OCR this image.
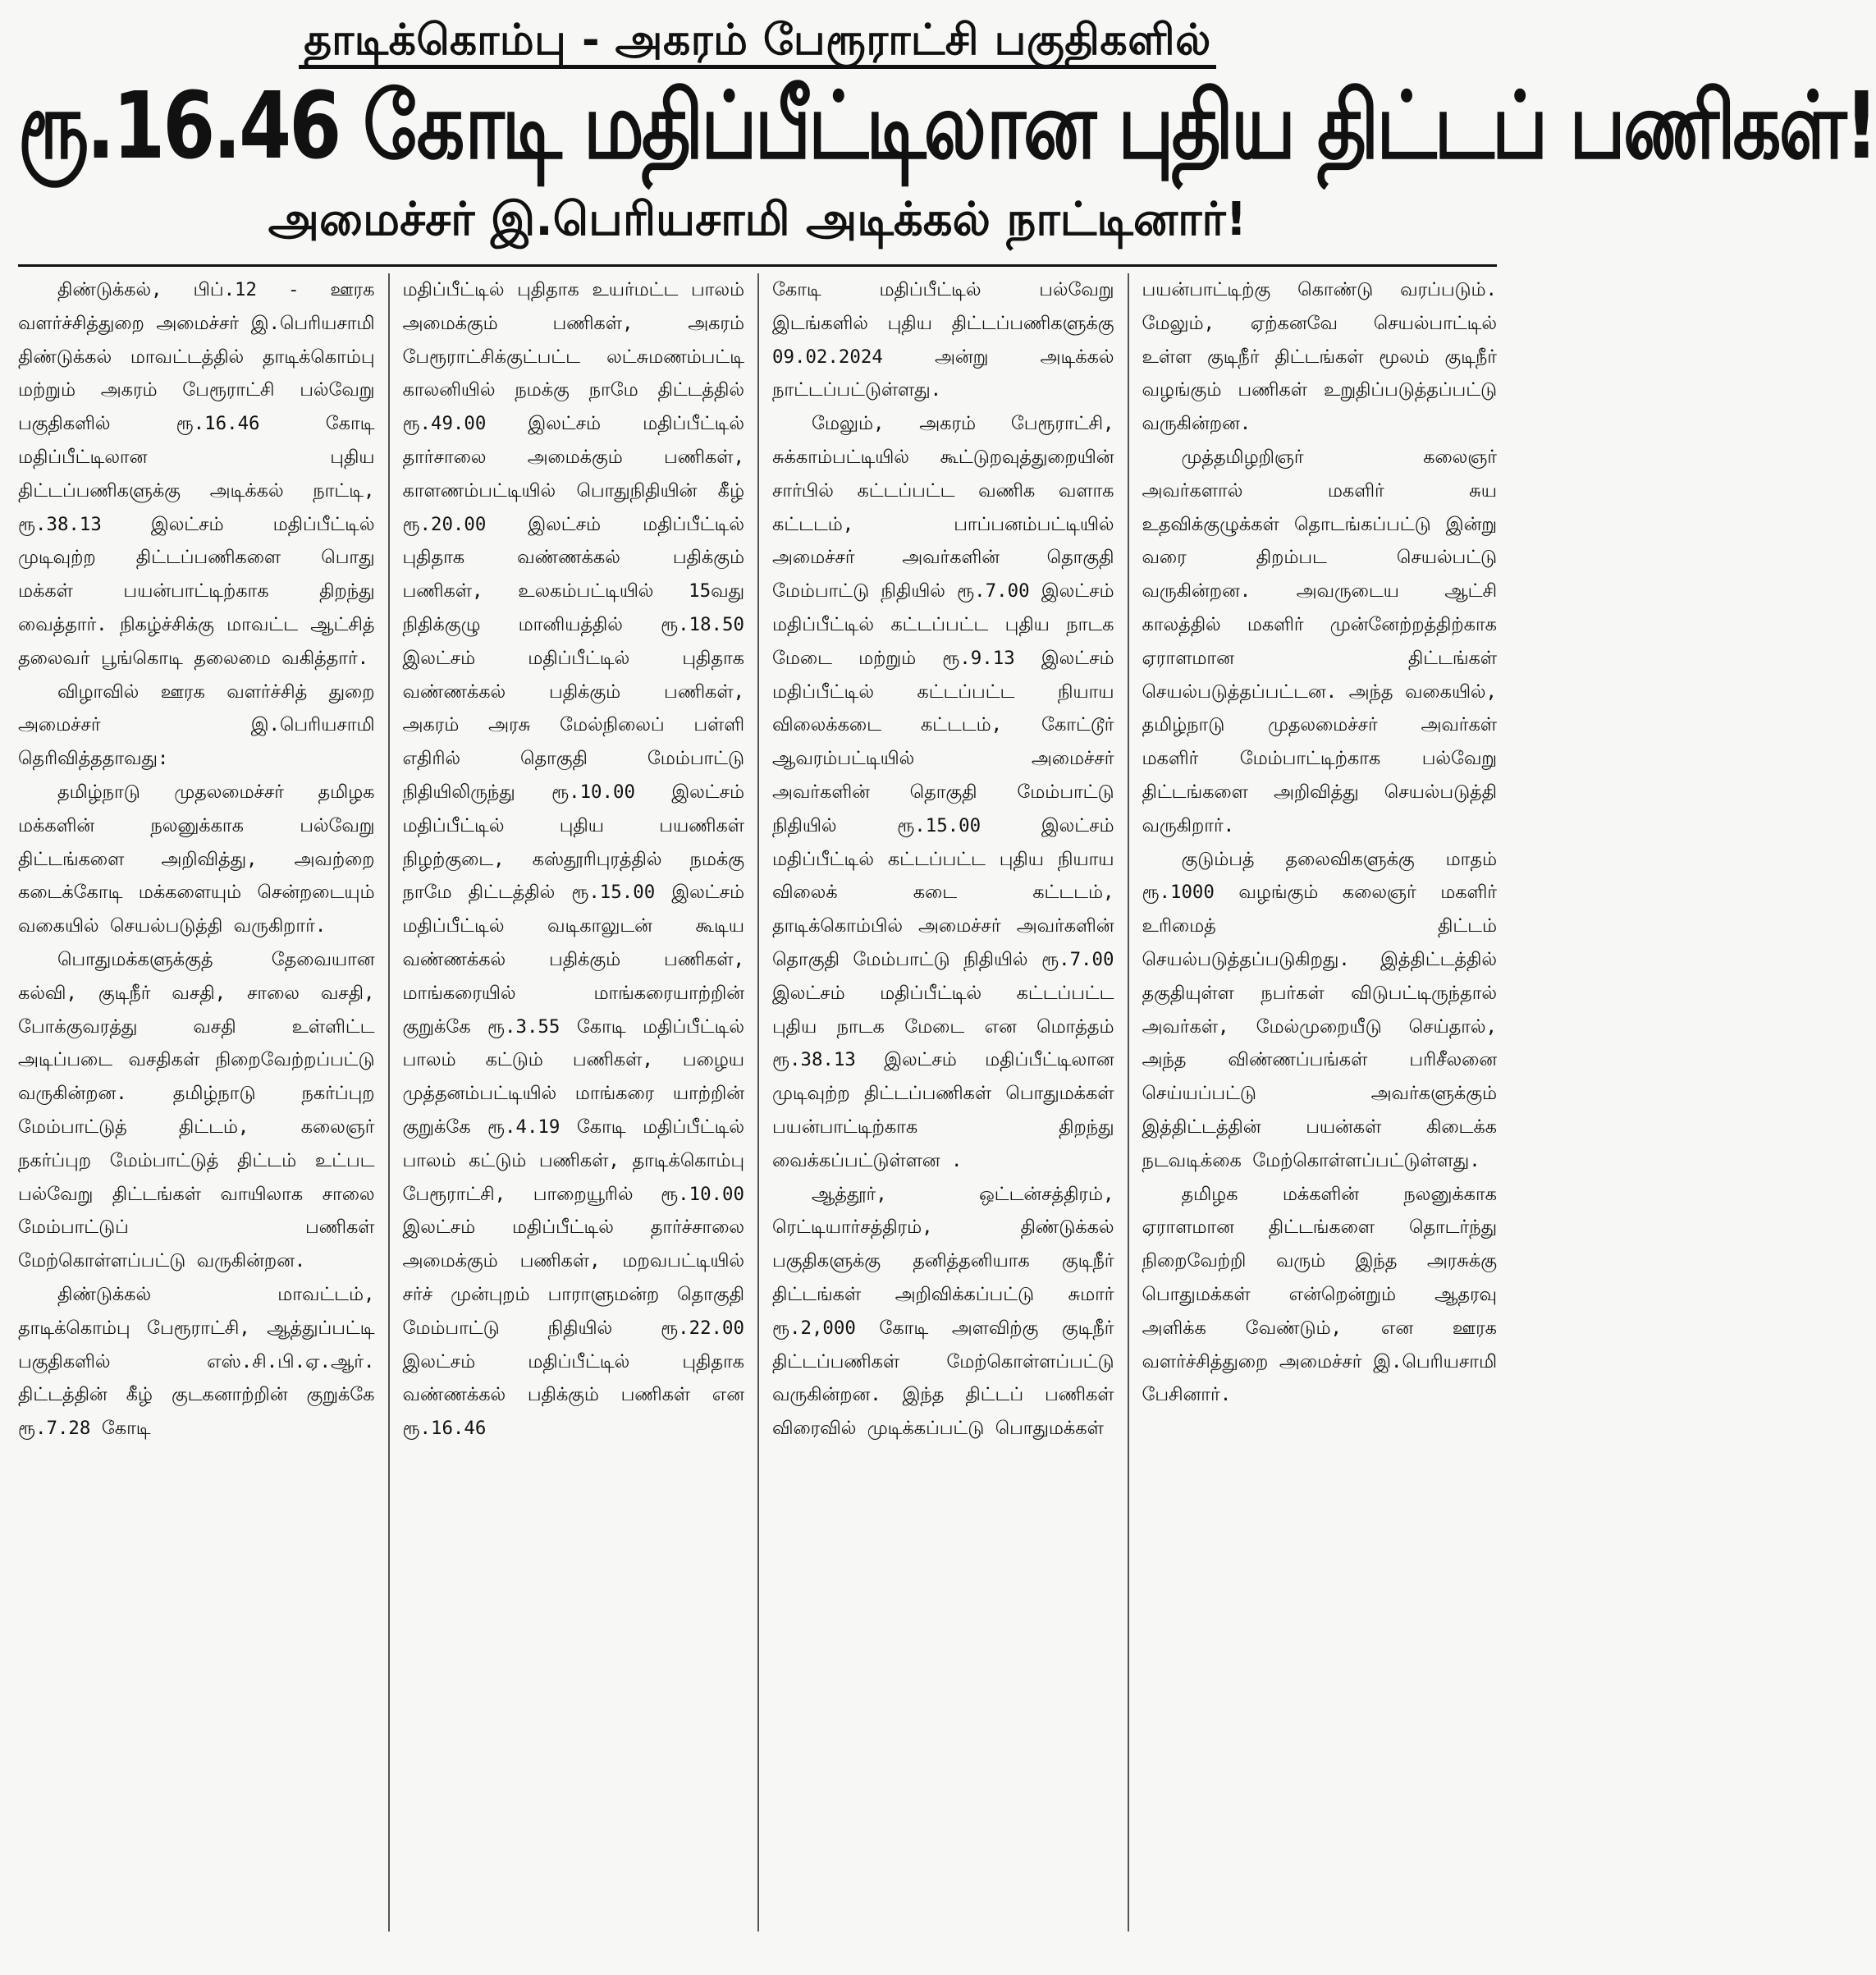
தாடிக்கொம்பு - அகரம் பேரூராட்சி பகுதிகளில்
ரூ.16.46 கோடி மதிப்பீட்டிலான புதிய திட்டப் பணிகள்!
அமைச்சர் இ.பெரியசாமி அடிக்கல் நாட்டினார்!

திண்டுக்கல், பிப்.12 - ஊரக வளர்ச்சித்துறை அமைச்சர் இ.பெரியசாமி திண்டுக்கல் மாவட்டத்தில் தாடிக்கொம்பு மற்றும் அகரம் பேரூராட்சி பல்வேறு பகுதிகளில் ரூ.16.46 கோடி மதிப்பீட்டிலான புதிய திட்டப்பணிகளுக்கு அடிக்கல் நாட்டி, ரூ.38.13 இலட்சம் மதிப்பீட்டில் முடிவுற்ற திட்டப்பணிகளை பொது மக்கள் பயன்பாட்டிற்காக திறந்து வைத்தார். நிகழ்ச்சிக்கு மாவட்ட ஆட்சித் தலைவர் பூங்கொடி தலைமை வகித்தார்.

விழாவில் ஊரக வளர்ச்சித் துறை அமைச்சர் இ.பெரியசாமி தெரிவித்ததாவது:

தமிழ்நாடு முதலமைச்சர் தமிழக மக்களின் நலனுக்காக பல்வேறு திட்டங்களை அறிவித்து, அவற்றை கடைக்கோடி மக்களையும் சென்றடையும் வகையில் செயல்படுத்தி வருகிறார்.

பொதுமக்களுக்குத் தேவையான கல்வி, குடிநீர் வசதி, சாலை வசதி, போக்குவரத்து வசதி உள்ளிட்ட அடிப்படை வசதிகள் நிறைவேற்றப்பட்டு வருகின்றன. தமிழ்நாடு நகர்ப்புற மேம்பாட்டுத் திட்டம், கலைஞர் நகர்ப்புற மேம்பாட்டுத் திட்டம் உட்பட பல்வேறு திட்டங்கள் வாயிலாக சாலை மேம்பாட்டுப் பணிகள் மேற்கொள்ளப்பட்டு வருகின்றன.

திண்டுக்கல் மாவட்டம், தாடிக்கொம்பு பேரூராட்சி, ஆத்துப்பட்டி பகுதிகளில் எஸ்.சி.பி.ஏ.ஆர். திட்டத்தின் கீழ் குடகனாற்றின் குறுக்கே ரூ.7.28 கோடி

மதிப்பீட்டில் புதிதாக உயர்மட்ட பாலம் அமைக்கும் பணிகள், அகரம் பேரூராட்சிக்குட்பட்ட லட்சுமணம்பட்டி காலனியில் நமக்கு நாமே திட்டத்தில் ரூ.49.00 இலட்சம் மதிப்பீட்டில் தார்சாலை அமைக்கும் பணிகள், காளணம்பட்டியில் பொதுநிதியின் கீழ் ரூ.20.00 இலட்சம் மதிப்பீட்டில் புதிதாக வண்ணக்கல் பதிக்கும் பணிகள், உலகம்பட்டியில் 15வது நிதிக்குழு மானியத்தில் ரூ.18.50 இலட்சம் மதிப்பீட்டில் புதிதாக வண்ணக்கல் பதிக்கும் பணிகள், அகரம் அரசு மேல்நிலைப் பள்ளி எதிரில் தொகுதி மேம்பாட்டு நிதியிலிருந்து ரூ.10.00 இலட்சம் மதிப்பீட்டில் புதிய பயணிகள் நிழற்குடை, கஸ்தூரிபுரத்தில் நமக்கு நாமே திட்டத்தில் ரூ.15.00 இலட்சம் மதிப்பீட்டில் வடிகாலுடன் கூடிய வண்ணக்கல் பதிக்கும் பணிகள், மாங்கரையில் மாங்கரையாற்றின் குறுக்கே ரூ.3.55 கோடி மதிப்பீட்டில் பாலம் கட்டும் பணிகள், பழைய முத்தனம்பட்டியில் மாங்கரை யாற்றின் குறுக்கே ரூ.4.19 கோடி மதிப்பீட்டில் பாலம் கட்டும் பணிகள், தாடிக்கொம்பு பேரூராட்சி, பாறையூரில் ரூ.10.00 இலட்சம் மதிப்பீட்டில் தார்ச்சாலை அமைக்கும் பணிகள், மறவபட்டியில் சர்ச் முன்புறம் பாராளுமன்ற தொகுதி மேம்பாட்டு நிதியில் ரூ.22.00 இலட்சம் மதிப்பீட்டில் புதிதாக வண்ணக்கல் பதிக்கும் பணிகள் என ரூ.16.46

கோடி மதிப்பீட்டில் பல்வேறு இடங்களில் புதிய திட்டப்பணிகளுக்கு 09.02.2024 அன்று அடிக்கல் நாட்டப்பட்டுள்ளது.

மேலும், அகரம் பேரூராட்சி, சுக்காம்பட்டியில் கூட்டுறவுத்துறையின் சார்பில் கட்டப்பட்ட வணிக வளாக கட்டடம், பாப்பனம்பட்டியில் அமைச்சர் அவர்களின் தொகுதி மேம்பாட்டு நிதியில் ரூ.7.00 இலட்சம் மதிப்பீட்டில் கட்டப்பட்ட புதிய நாடக மேடை மற்றும் ரூ.9.13 இலட்சம் மதிப்பீட்டில் கட்டப்பட்ட நியாய விலைக்கடை கட்டடம், கோட்டூர் ஆவரம்பட்டியில் அமைச்சர் அவர்களின் தொகுதி மேம்பாட்டு நிதியில் ரூ.15.00 இலட்சம் மதிப்பீட்டில் கட்டப்பட்ட புதிய நியாய விலைக் கடை கட்டடம், தாடிக்கொம்பில் அமைச்சர் அவர்களின் தொகுதி மேம்பாட்டு நிதியில் ரூ.7.00 இலட்சம் மதிப்பீட்டில் கட்டப்பட்ட புதிய நாடக மேடை என மொத்தம் ரூ.38.13 இலட்சம் மதிப்பீட்டிலான முடிவுற்ற திட்டப்பணிகள் பொதுமக்கள் பயன்பாட்டிற்காக திறந்து வைக்கப்பட்டுள்ளன .

ஆத்தூர், ஒட்டன்சத்திரம், ரெட்டியார்சத்திரம், திண்டுக்கல் பகுதிகளுக்கு தனித்தனியாக குடிநீர் திட்டங்கள் அறிவிக்கப்பட்டு சுமார் ரூ.2,000 கோடி அளவிற்கு குடிநீர் திட்டப்பணிகள் மேற்கொள்ளப்பட்டு வருகின்றன. இந்த திட்டப் பணிகள் விரைவில் முடிக்கப்பட்டு பொதுமக்கள்

பயன்பாட்டிற்கு கொண்டு வரப்படும். மேலும், ஏற்கனவே செயல்பாட்டில் உள்ள குடிநீர் திட்டங்கள் மூலம் குடிநீர் வழங்கும் பணிகள் உறுதிப்படுத்தப்பட்டு வருகின்றன.

முத்தமிழறிஞர் கலைஞர் அவர்களால் மகளிர் சுய உதவிக்குழுக்கள் தொடங்கப்பட்டு இன்று வரை திறம்பட செயல்பட்டு வருகின்றன. அவருடைய ஆட்சி காலத்தில் மகளிர் முன்னேற்றத்திற்காக ஏராளமான திட்டங்கள் செயல்படுத்தப்பட்டன. அந்த வகையில், தமிழ்நாடு முதலமைச்சர் அவர்கள் மகளிர் மேம்பாட்டிற்காக பல்வேறு திட்டங்களை அறிவித்து செயல்படுத்தி வருகிறார்.

குடும்பத் தலைவிகளுக்கு மாதம் ரூ.1000 வழங்கும் கலைஞர் மகளிர் உரிமைத் திட்டம் செயல்படுத்தப்படுகிறது. இத்திட்டத்தில் தகுதியுள்ள நபர்கள் விடுபட்டிருந்தால் அவர்கள், மேல்முறையீடு செய்தால், அந்த விண்ணப்பங்கள் பரிசீலனை செய்யப்பட்டு அவர்களுக்கும் இத்திட்டத்தின் பயன்கள் கிடைக்க நடவடிக்கை மேற்கொள்ளப்பட்டுள்ளது.

தமிழக மக்களின் நலனுக்காக ஏராளமான திட்டங்களை தொடர்ந்து நிறைவேற்றி வரும் இந்த அரசுக்கு பொதுமக்கள் என்றென்றும் ஆதரவு அளிக்க வேண்டும், என ஊரக வளர்ச்சித்துறை அமைச்சர் இ.பெரியசாமி பேசினார்.
